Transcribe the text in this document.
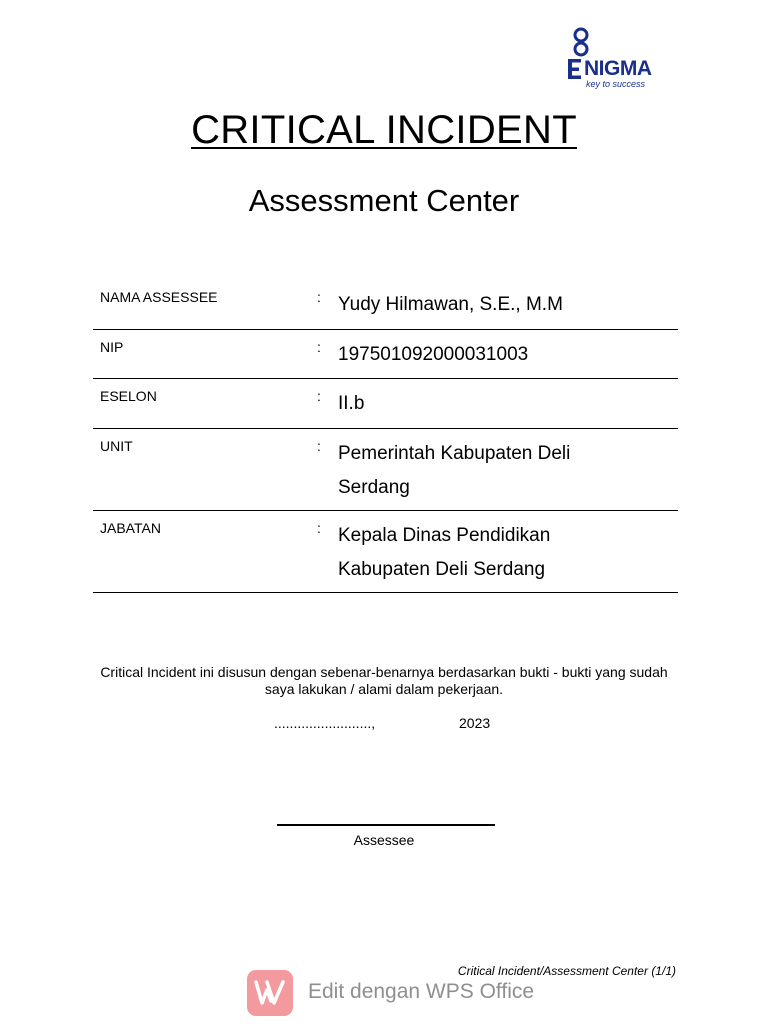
NIGMA
key to success
CRITICAL INCIDENT
Assessment Center
NAMA ASSESSEE	: Yudy Hilmawan, S.E., M.M
NIP	: 197501092000031003
ESELON	: II.b
UNIT	: Pemerintah Kabupaten Deli Serdang
JABATAN	: Kepala Dinas Pendidikan Kabupaten Deli Serdang
Critical Incident ini disusun dengan sebenar-benarnya berdasarkan bukti - bukti yang sudah saya lakukan / alami dalam pekerjaan.
.........................,	2023
Assessee
Critical Incident/Assessment Center (1/1)
Edit dengan WPS Office
